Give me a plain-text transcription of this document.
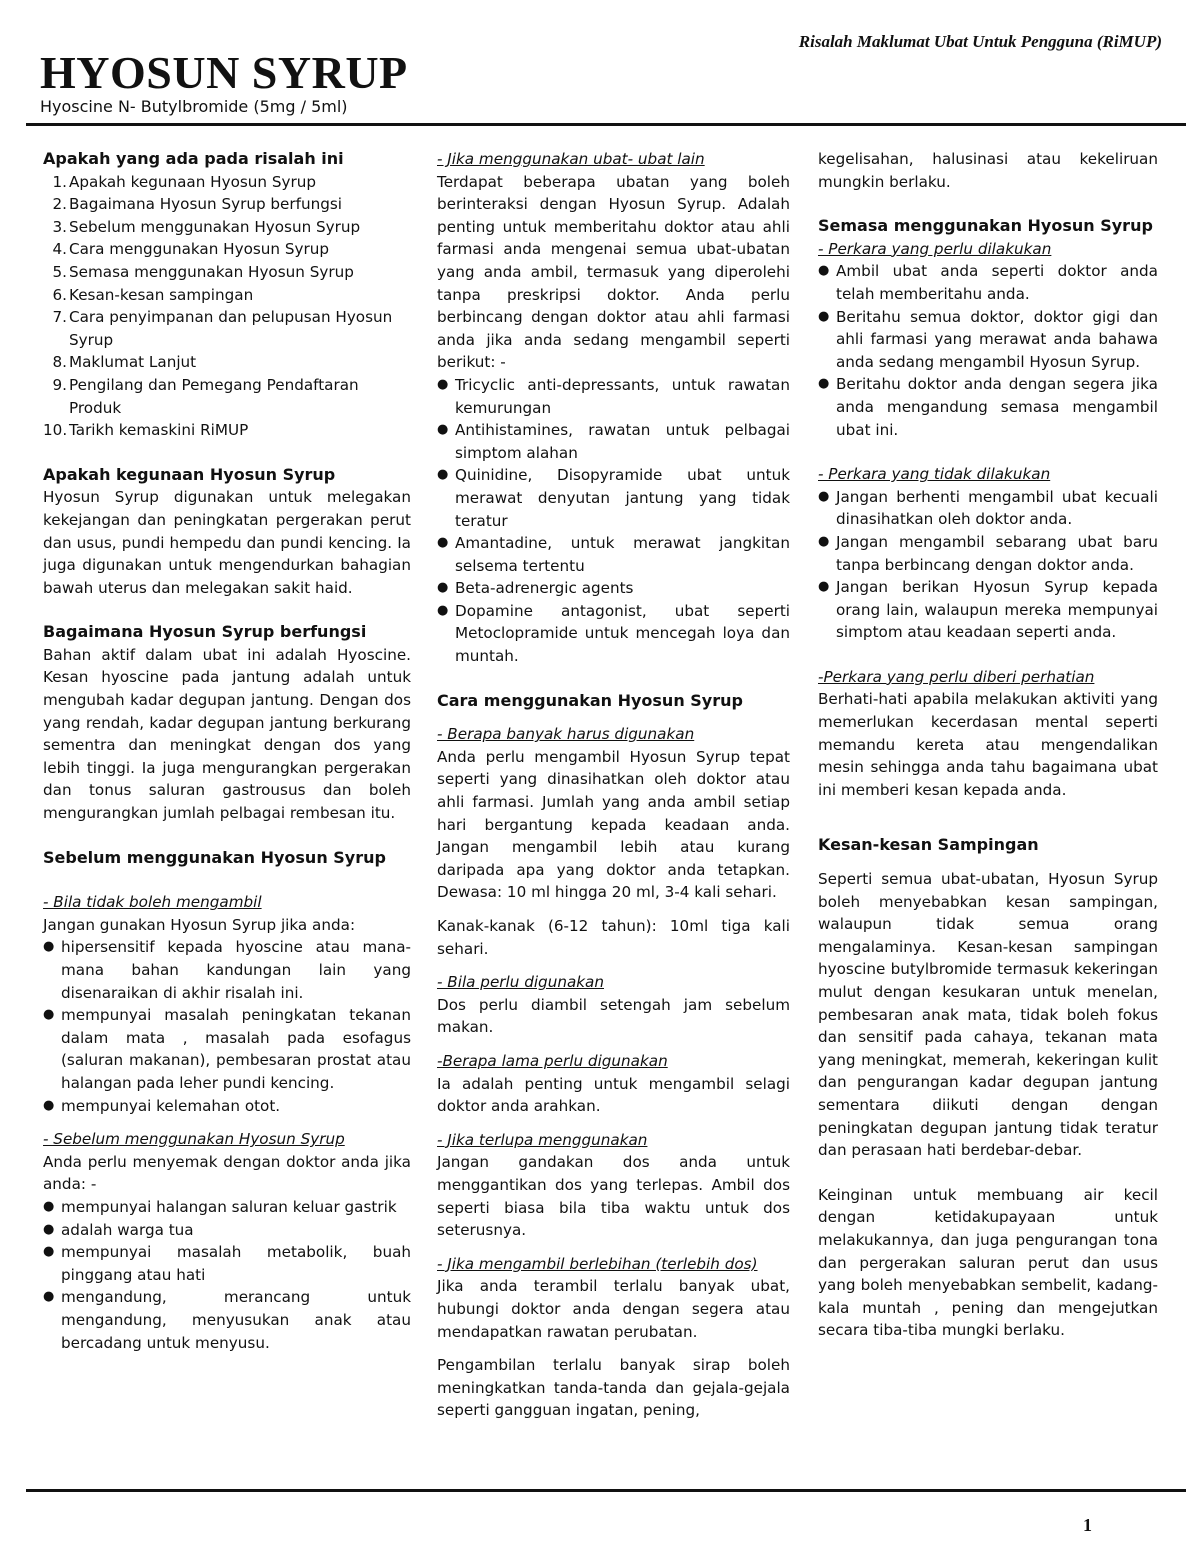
Risalah Maklumat Ubat Untuk Pengguna (RiMUP)
HYOSUN SYRUP
Hyoscine N- Butylbromide (5mg / 5ml)

Apakah yang ada pada risalah ini

1. Apakah kegunaan Hyosun Syrup
2. Bagaimana Hyosun Syrup berfungsi
3. Sebelum menggunakan Hyosun Syrup
4. Cara menggunakan Hyosun Syrup
5. Semasa menggunakan Hyosun Syrup
6. Kesan-kesan sampingan
7. Cara penyimpanan dan pelupusan Hyosun Syrup
8. Maklumat Lanjut
9. Pengilang dan Pemegang Pendaftaran Produk
10. Tarikh kemaskini RiMUP

Apakah kegunaan Hyosun Syrup

Hyosun Syrup digunakan untuk melegakan kekejangan dan peningkatan pergerakan perut dan usus, pundi hempedu dan pundi kencing. Ia juga digunakan untuk mengendurkan bahagian bawah uterus dan melegakan sakit haid.

Bagaimana Hyosun Syrup berfungsi

Bahan aktif dalam ubat ini adalah Hyoscine. Kesan hyoscine pada jantung adalah untuk mengubah kadar degupan jantung. Dengan dos yang rendah, kadar degupan jantung berkurang sementra dan meningkat dengan dos yang lebih tinggi. Ia juga mengurangkan pergerakan dan tonus saluran gastrousus dan boleh mengurangkan jumlah pelbagai rembesan itu.

Sebelum menggunakan Hyosun Syrup

- Bila tidak boleh mengambil

Jangan gunakan Hyosun Syrup jika anda:

● hipersensitif kepada hyoscine atau mana-mana bahan kandungan lain yang disenaraikan di akhir risalah ini.
● mempunyai masalah peningkatan tekanan dalam mata , masalah pada esofagus (saluran makanan), pembesaran prostat atau halangan pada leher pundi kencing.
● mempunyai kelemahan otot.

- Sebelum menggunakan Hyosun Syrup

Anda perlu menyemak dengan doktor anda jika anda: -

● mempunyai halangan saluran keluar gastrik
● adalah warga tua
● mempunyai masalah metabolik, buah pinggang atau hati
● mengandung, merancang untuk mengandung, menyusukan anak atau bercadang untuk menyusu.

- Jika menggunakan ubat- ubat lain

Terdapat beberapa ubatan yang boleh berinteraksi dengan Hyosun Syrup. Adalah penting untuk memberitahu doktor atau ahli farmasi anda mengenai semua ubat-ubatan yang anda ambil, termasuk yang diperolehi tanpa preskripsi doktor. Anda perlu berbincang dengan doktor atau ahli farmasi anda jika anda sedang mengambil seperti berikut: -

● Tricyclic anti-depressants, untuk rawatan kemurungan
● Antihistamines, rawatan untuk pelbagai simptom alahan
● Quinidine, Disopyramide ubat untuk merawat denyutan jantung yang tidak teratur
● Amantadine, untuk merawat jangkitan selsema tertentu
● Beta-adrenergic agents
● Dopamine antagonist, ubat seperti Metoclopramide untuk mencegah loya dan muntah.

Cara menggunakan Hyosun Syrup

- Berapa banyak harus digunakan

Anda perlu mengambil Hyosun Syrup tepat seperti yang dinasihatkan oleh doktor atau ahli farmasi. Jumlah yang anda ambil setiap hari bergantung kepada keadaan anda. Jangan mengambil lebih atau kurang daripada apa yang doktor anda tetapkan. Dewasa: 10 ml hingga 20 ml, 3-4 kali sehari.

Kanak-kanak (6-12 tahun): 10ml tiga kali sehari.

- Bila perlu digunakan

Dos perlu diambil setengah jam sebelum makan.

-Berapa lama perlu digunakan

Ia adalah penting untuk mengambil selagi doktor anda arahkan.

- Jika terlupa menggunakan

Jangan gandakan dos anda untuk menggantikan dos yang terlepas. Ambil dos seperti biasa bila tiba waktu untuk dos seterusnya.

- Jika mengambil berlebihan (terlebih dos)

Jika anda terambil terlalu banyak ubat, hubungi doktor anda dengan segera atau mendapatkan rawatan perubatan.

Pengambilan terlalu banyak sirap boleh meningkatkan tanda-tanda dan gejala-gejala seperti gangguan ingatan, pening,

kegelisahan, halusinasi atau kekeliruan mungkin berlaku.

Semasa menggunakan Hyosun Syrup

- Perkara yang perlu dilakukan

● Ambil ubat anda seperti doktor anda telah memberitahu anda.
● Beritahu semua doktor, doktor gigi dan ahli farmasi yang merawat anda bahawa anda sedang mengambil Hyosun Syrup.
● Beritahu doktor anda dengan segera jika anda mengandung semasa mengambil ubat ini.

- Perkara yang tidak dilakukan

● Jangan berhenti mengambil ubat kecuali dinasihatkan oleh doktor anda.
● Jangan mengambil sebarang ubat baru tanpa berbincang dengan doktor anda.
● Jangan berikan Hyosun Syrup kepada orang lain, walaupun mereka mempunyai simptom atau keadaan seperti anda.

-Perkara yang perlu diberi perhatian

Berhati-hati apabila melakukan aktiviti yang memerlukan kecerdasan mental seperti memandu kereta atau mengendalikan mesin sehingga anda tahu bagaimana ubat ini memberi kesan kepada anda.

Kesan-kesan Sampingan

Seperti semua ubat-ubatan, Hyosun Syrup boleh menyebabkan kesan sampingan, walaupun tidak semua orang mengalaminya. Kesan-kesan sampingan hyoscine butylbromide termasuk kekeringan mulut dengan kesukaran untuk menelan, pembesaran anak mata, tidak boleh fokus dan sensitif pada cahaya, tekanan mata yang meningkat, memerah, kekeringan kulit dan pengurangan kadar degupan jantung sementara diikuti dengan dengan peningkatan degupan jantung tidak teratur dan perasaan hati berdebar-debar.

Keinginan untuk membuang air kecil dengan ketidakupayaan untuk melakukannya, dan juga pengurangan tona dan pergerakan saluran perut dan usus yang boleh menyebabkan sembelit, kadang- kala muntah , pening dan mengejutkan secara tiba-tiba mungki berlaku.

1
